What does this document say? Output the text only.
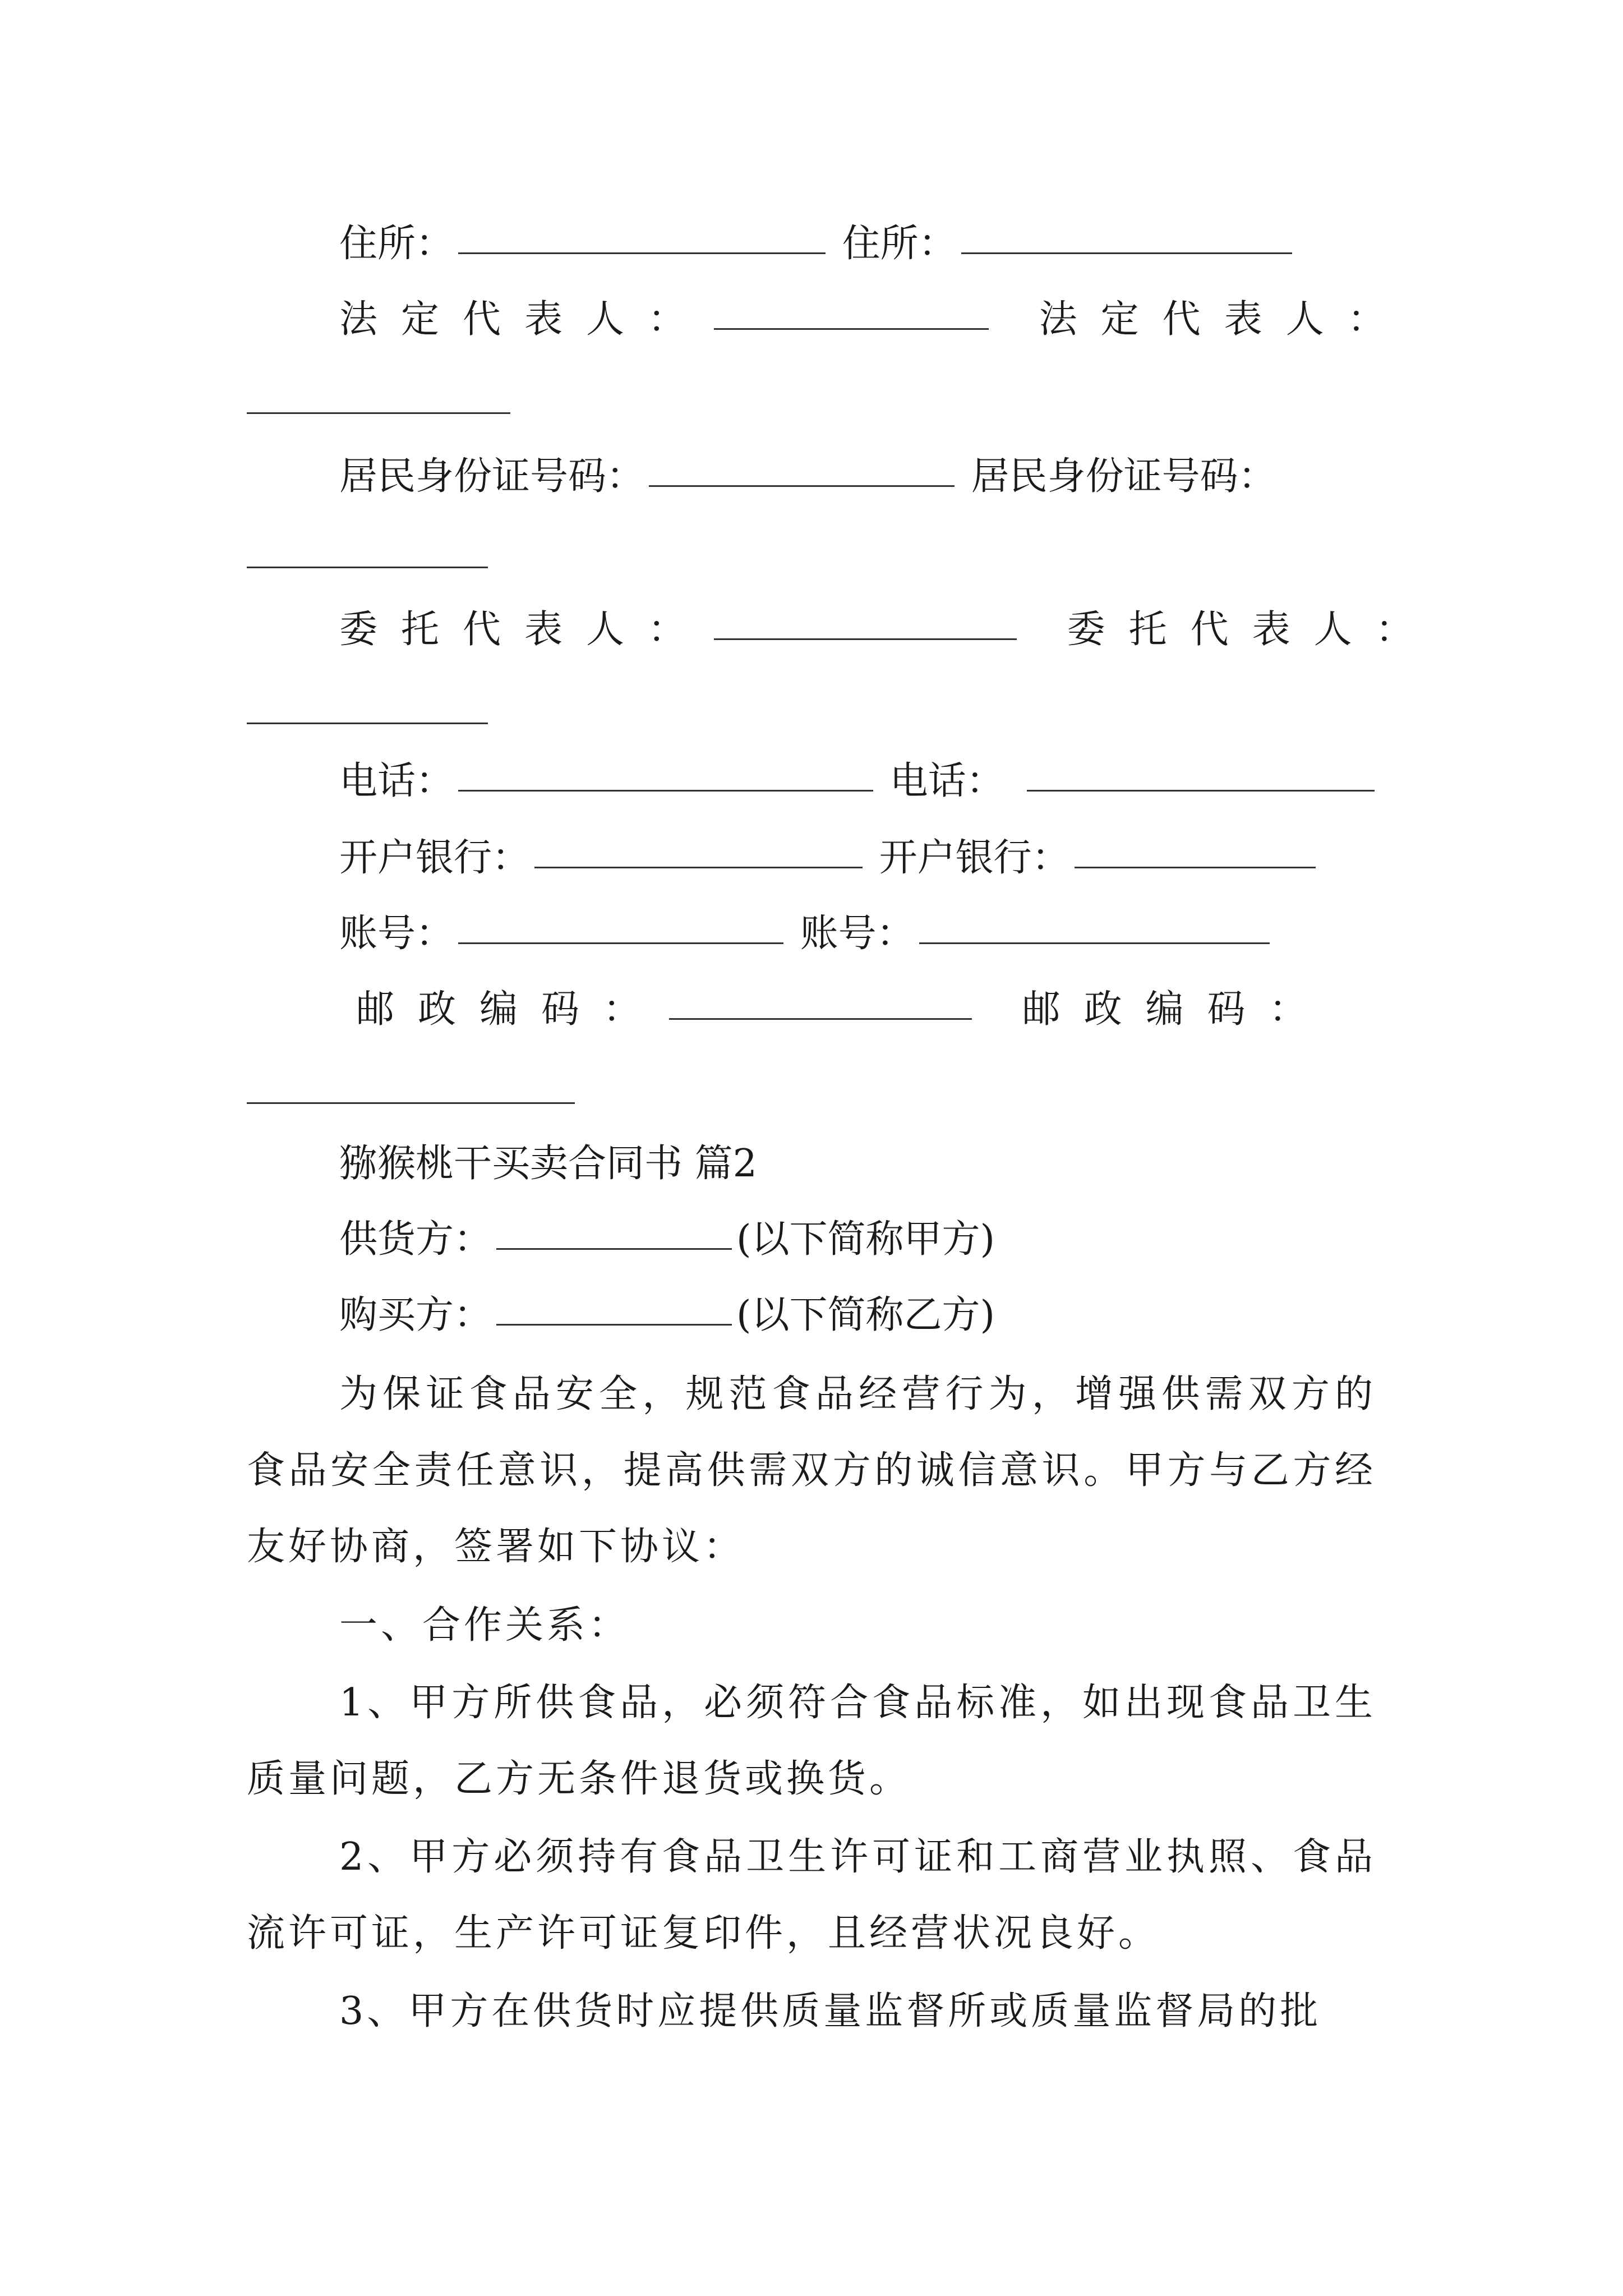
住所：	住所：
法定代表人：	法定代表人：
居民身份证号码：	居民身份证号码：
委托代表人：	委托代表人：
电话：	电话：
开户银行：	开户银行：
账号：	账号：
邮政编码：	邮政编码：
猕猴桃干买卖合同书 篇2
供货方：	(以下简称甲方)
购买方：	(以下简称乙方)
为保证食品安全，规范食品经营行为，增强供需双方的食品安全责任意识，提高供需双方的诚信意识。甲方与乙方经友好协商，签署如下协议：
一、合作关系：
1、甲方所供食品，必须符合食品标准，如出现食品卫生质量问题，乙方无条件退货或换货。
2、甲方必须持有食品卫生许可证和工商营业执照、食品流许可证，生产许可证复印件，且经营状况良好。
3、甲方在供货时应提供质量监督所或质量监督局的批
